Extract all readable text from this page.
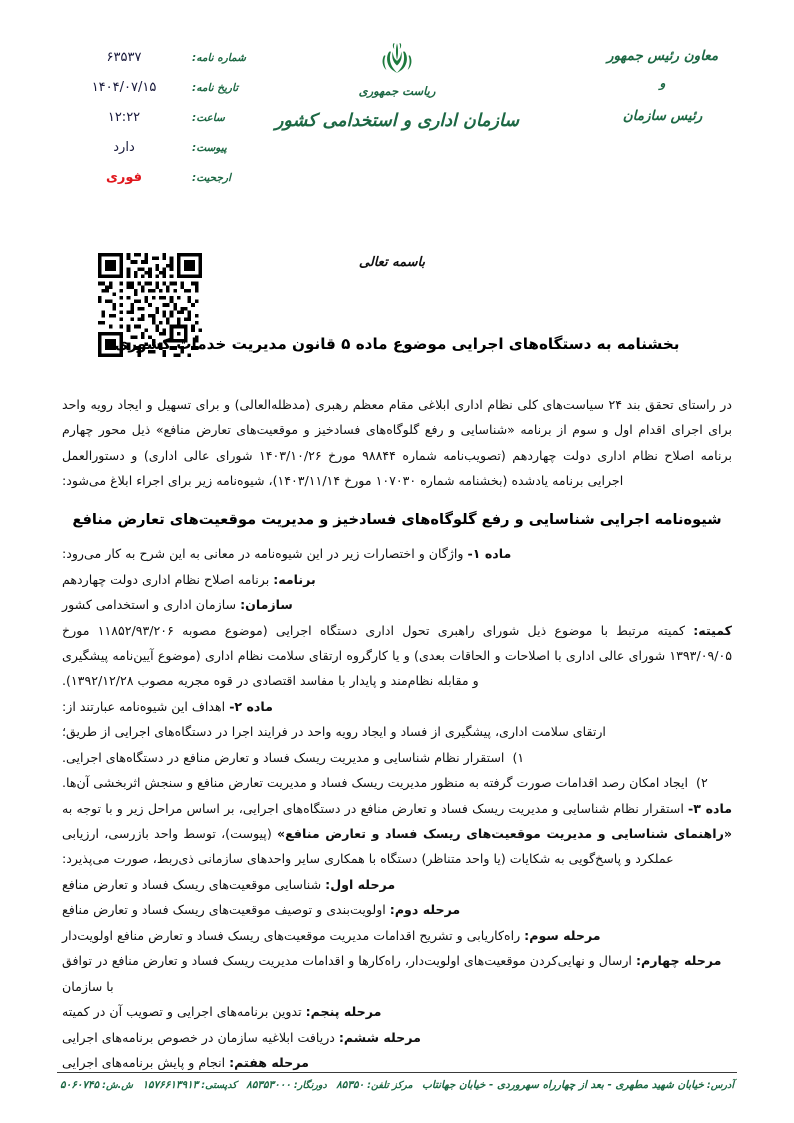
معاون رئیس جمهور
و
رئیس سازمان
ریاست جمهوری
سازمان اداری و استخدامی کشور
شماره نامه:
۶۳۵۳۷
تاریخ نامه:
۱۴۰۴/۰۷/۱۵
ساعت:
۱۲:۲۲
پیوست:
دارد
ارجحیت:
فوری
باسمه تعالی
بخشنامه به دستگاه‌های اجرایی موضوع ماده ۵ قانون مدیریت خدمات کشوری

در راستای تحقق بند ۲۴ سیاست‌های کلی نظام اداری ابلاغی مقام معظم رهبری (مدظله‌العالی) و برای تسهیل و ایجاد رویه واحد برای اجرای اقدام اول و سوم از برنامه «شناسایی و رفع گلوگاه‌های فسادخیز و موقعیت‌های تعارض منافع» ذیل محور چهارم برنامه اصلاح نظام اداری دولت چهاردهم (تصویب‌نامه شماره ۹۸۸۴۴ مورخ ۱۴۰۳/۱۰/۲۶ شورای عالی اداری) و دستورالعمل اجرایی برنامه یادشده (بخشنامه شماره ۱۰۷۰۳۰ مورخ ۱۴۰۳/۱۱/۱۴)، شیوه‌نامه زیر برای اجراء ابلاغ می‌شود:

شیوه‌نامه اجرایی شناسایی و رفع گلوگاه‌های فسادخیز و مدیریت موقعیت‌های تعارض منافع

ماده ۱- واژگان و اختصارات زیر در این شیوه‌نامه در معانی به این شرح به کار می‌رود:

برنامه: برنامه اصلاح نظام اداری دولت چهاردهم

سازمان: سازمان اداری و استخدامی کشور

کمیته: کمیته مرتبط با موضوع ذیل شورای راهبری تحول اداری دستگاه اجرایی (موضوع مصوبه ۱۱۸۵۲/۹۳/۲۰۶ مورخ ۱۳۹۳/۰۹/۰۵ شورای عالی اداری با اصلاحات و الحاقات بعدی) و یا کارگروه ارتقای سلامت نظام اداری (موضوع آیین‌نامه پیشگیری و مقابله نظام‌مند و پایدار با مفاسد اقتصادی در قوه مجریه مصوب ۱۳۹۲/۱۲/۲۸).

ماده ۲- اهداف این شیوه‌نامه عبارتند از:

ارتقای سلامت اداری، پیشگیری از فساد و ایجاد رویه واحد در فرایند اجرا در دستگاه‌های اجرایی از طریق؛

۱)  استقرار نظام شناسایی و مدیریت ریسک فساد و تعارض منافع در دستگاه‌های اجرایی.

۲)  ایجاد امکان رصد اقدامات صورت گرفته به منظور مدیریت ریسک فساد و مدیریت تعارض منافع و سنجش اثربخشی آن‌ها.

ماده ۳- استقرار نظام شناسایی و مدیریت ریسک فساد و تعارض منافع در دستگاه‌های اجرایی، بر اساس مراحل زیر و با توجه به «راهنمای شناسایی و مدیریت موقعیت‌های ریسک فساد و تعارض منافع» (پیوست)، توسط واحد بازرسی، ارزیابی عملکرد و پاسخ‌گویی به شکایات (یا واحد متناظر) دستگاه با همکاری سایر واحدهای سازمانی ذی‌ربط، صورت می‌پذیرد:

مرحله اول: شناسایی موقعیت‌های ریسک فساد و تعارض منافع

مرحله دوم: اولویت‌بندی و توصیف موقعیت‌های ریسک فساد و تعارض منافع

مرحله سوم: راه‌کاریابی و تشریح اقدامات مدیریت موقعیت‌های ریسک فساد و تعارض منافع اولویت‌دار

مرحله چهارم: ارسال و نهایی‌کردن موقعیت‌های اولویت‌دار، راه‌کارها و اقدامات مدیریت ریسک فساد و تعارض منافع در توافق با سازمان

مرحله پنجم: تدوین برنامه‌های اجرایی و تصویب آن در کمیته

مرحله ششم: دریافت ابلاغیه سازمان در خصوص برنامه‌های اجرایی

مرحله هفتم: انجام و پایش برنامه‌های اجرایی

آدرس:
خیابان شهید مطهری - بعد از چهارراه سهروردی - خیابان جهانتاب
مرکز تلفن:
۸۵۳۵۰
دورنگار:
۸۵۳۵۳۰۰۰
کدپستی:
۱۵۷۶۶۱۳۹۱۳
ش.ش:
۵۰۶۰۷۴۵
